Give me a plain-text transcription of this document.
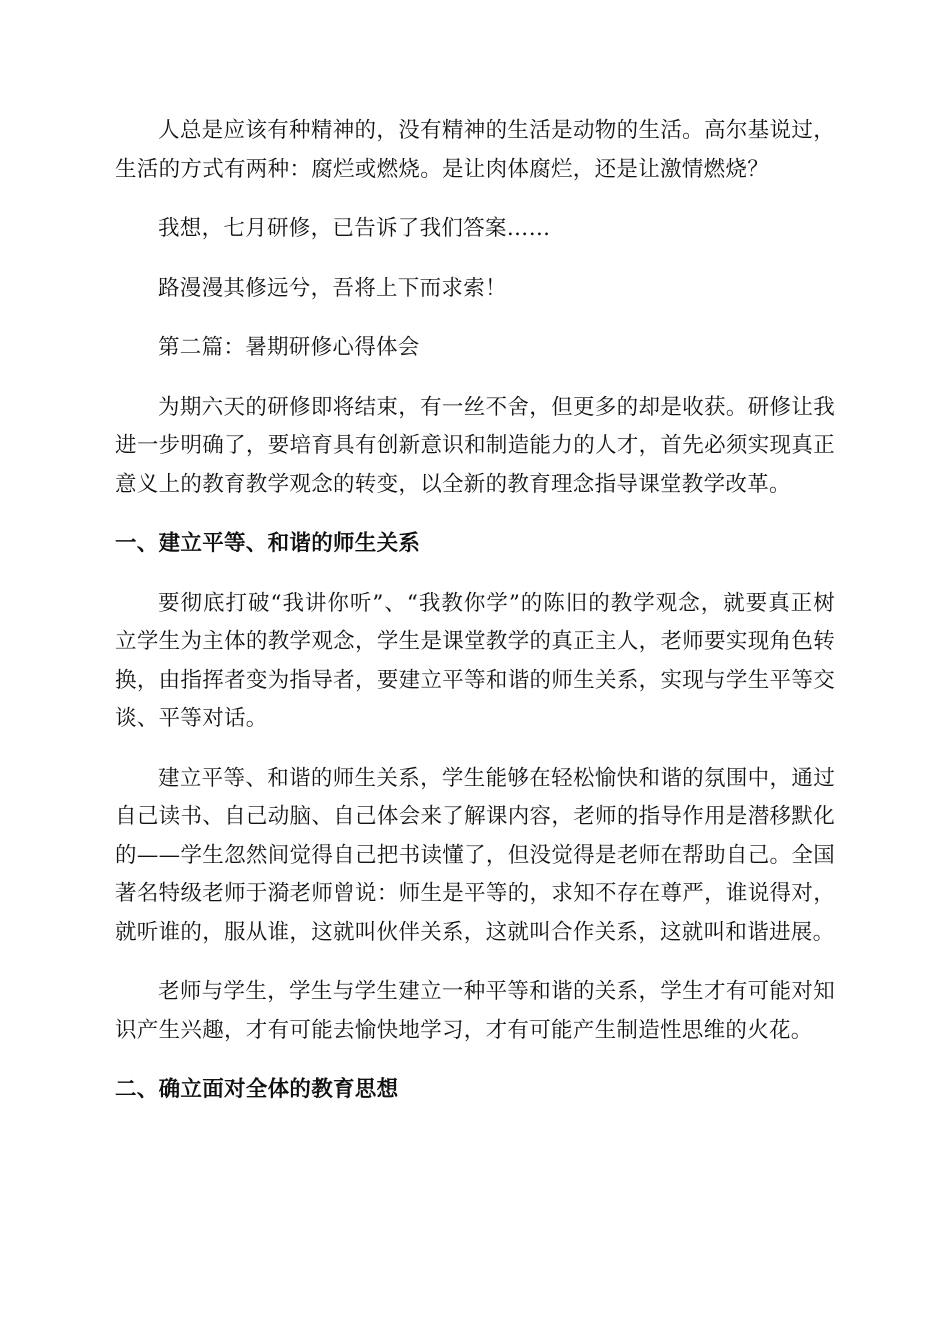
人总是应该有种精神的，没有精神的生活是动物的生活。高尔基说过，生活的方式有两种：腐烂或燃烧。是让肉体腐烂，还是让激情燃烧？

我想，七月研修，已告诉了我们答案……

路漫漫其修远兮，吾将上下而求索！

第二篇：暑期研修心得体会

为期六天的研修即将结束，有一丝不舍，但更多的却是收获。研修让我进一步明确了，要培育具有创新意识和制造能力的人才，首先必须实现真正意义上的教育教学观念的转变，以全新的教育理念指导课堂教学改革。

一、建立平等、和谐的师生关系

要彻底打破“我讲你听”、“我教你学”的陈旧的教学观念，就要真正树立学生为主体的教学观念，学生是课堂教学的真正主人，老师要实现角色转换，由指挥者变为指导者，要建立平等和谐的师生关系，实现与学生平等交谈、平等对话。

建立平等、和谐的师生关系，学生能够在轻松愉快和谐的氛围中，通过自己读书、自己动脑、自己体会来了解课内容，老师的指导作用是潜移默化的——学生忽然间觉得自己把书读懂了，但没觉得是老师在帮助自己。全国著名特级老师于漪老师曾说：师生是平等的，求知不存在尊严，谁说得对，就听谁的，服从谁，这就叫伙伴关系，这就叫合作关系，这就叫和谐进展。

老师与学生，学生与学生建立一种平等和谐的关系，学生才有可能对知识产生兴趣，才有可能去愉快地学习，才有可能产生制造性思维的火花。

二、确立面对全体的教育思想
